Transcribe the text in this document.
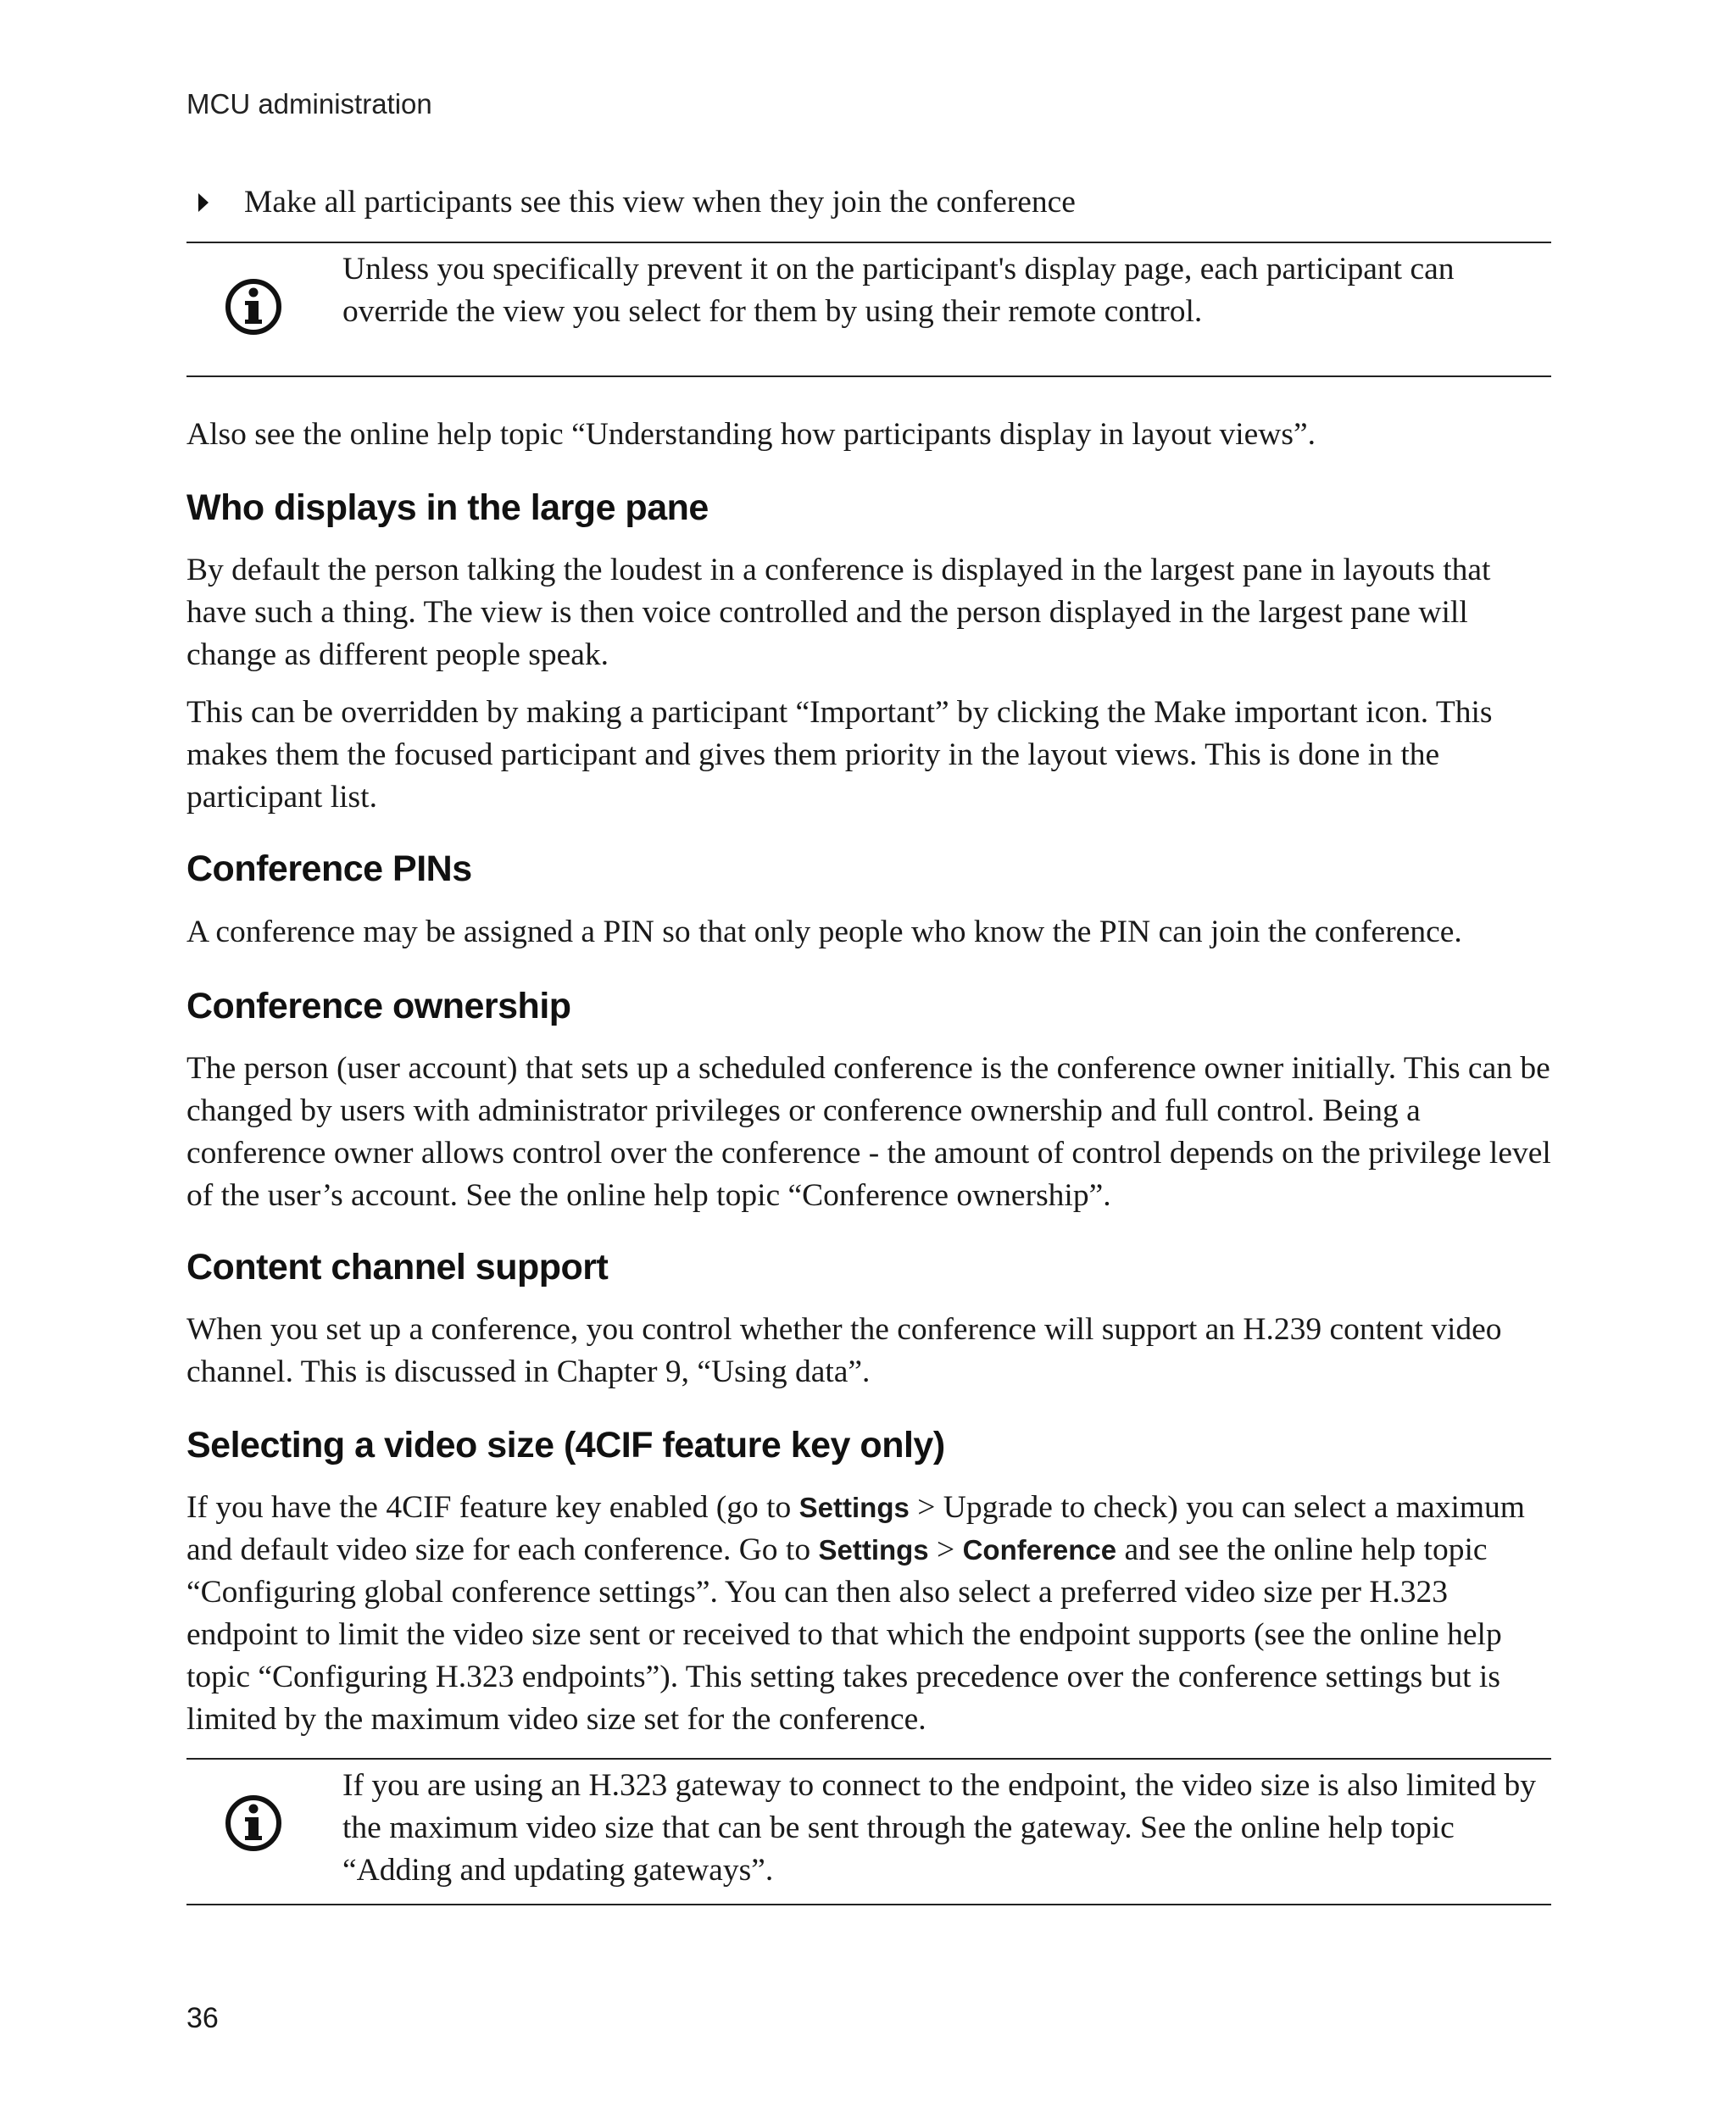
MCU administration
Make all participants see this view when they join the conference
Unless you specifically prevent it on the participant's display page, each participant can override the view you select for them by using their remote control.
Also see the online help topic “Understanding how participants display in layout views”.
Who displays in the large pane

By default the person talking the loudest in a conference is displayed in the largest pane in layouts that have such a thing. The view is then voice controlled and the person displayed in the largest pane will change as different people speak.

This can be overridden by making a participant “Important” by clicking the Make important icon. This makes them the focused participant and gives them priority in the layout views. This is done in the participant list.

Conference PINs

A conference may be assigned a PIN so that only people who know the PIN can join the conference.

Conference ownership

The person (user account) that sets up a scheduled conference is the conference owner initially. This can be changed by users with administrator privileges or conference ownership and full control. Being a conference owner allows control over the conference - the amount of control depends on the privilege level of the user’s account. See the online help topic “Conference ownership”.

Content channel support

When you set up a conference, you control whether the conference will support an H.239 content video channel. This is discussed in Chapter 9, “Using data”.

Selecting a video size (4CIF feature key only)

If you have the 4CIF feature key enabled (go to Settings > Upgrade to check) you can select a maximum and default video size for each conference. Go to Settings > Conference and see the online help topic “Configuring global conference settings”. You can then also select a preferred video size per H.323 endpoint to limit the video size sent or received to that which the endpoint supports (see the online help topic “Configuring H.323 endpoints”). This setting takes precedence over the conference settings but is limited by the maximum video size set for the conference.

If you are using an H.323 gateway to connect to the endpoint, the video size is also limited by the maximum video size that can be sent through the gateway. See the online help topic “Adding and updating gateways”.
36
